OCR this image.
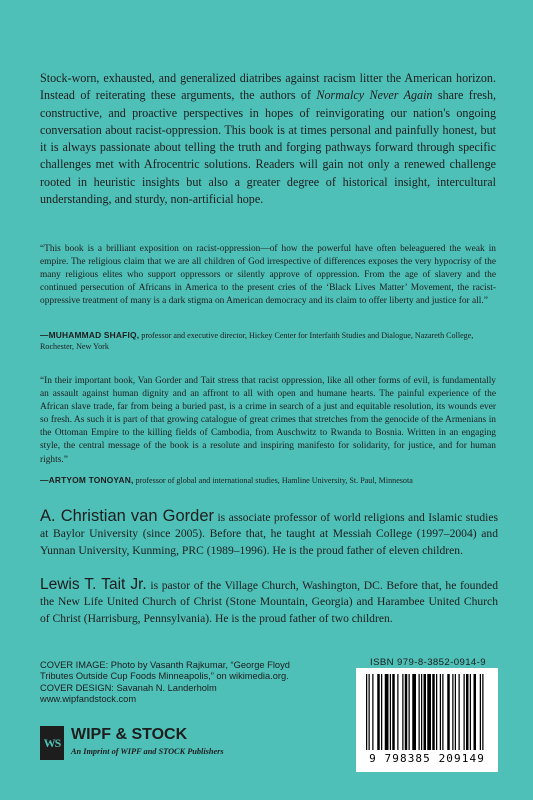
Stock-worn, exhausted, and generalized diatribes against racism litter the American horizon. Instead of reiterating these arguments, the authors of Normalcy Never Again share fresh, constructive, and proactive perspectives in hopes of reinvigorating our nation's ongoing conversation about racist-oppression. This book is at times personal and painfully honest, but it is always passionate about telling the truth and forging pathways forward through specific challenges met with Afrocentric solutions. Readers will gain not only a renewed challenge rooted in heuristic insights but also a greater degree of historical insight, intercultural understanding, and sturdy, non-artificial hope.

“This book is a brilliant exposition on racist-oppression—of how the powerful have often beleaguered the weak in empire. The religious claim that we are all children of God irrespective of differences exposes the very hypocrisy of the many religious elites who support oppressors or silently approve of oppression. From the age of slavery and the continued persecution of Africans in America to the present cries of the ‘Black Lives Matter’ Movement, the racist-oppressive treatment of many is a dark stigma on American democracy and its claim to offer liberty and justice for all.”

—MUHAMMAD SHAFIQ, professor and executive director, Hickey Center for Interfaith Studies and Dialogue, Nazareth College, Rochester, New York

“In their important book, Van Gorder and Tait stress that racist oppression, like all other forms of evil, is fundamentally an assault against human dignity and an affront to all with open and humane hearts. The painful experience of the African slave trade, far from being a buried past, is a crime in search of a just and equitable resolution, its wounds ever so fresh. As such it is part of that growing catalogue of great crimes that stretches from the genocide of the Armenians in the Ottoman Empire to the killing fields of Cambodia, from Auschwitz to Rwanda to Bosnia. Written in an engaging style, the central message of the book is a resolute and inspiring manifesto for solidarity, for justice, and for human rights.”

—ARTYOM TONOYAN, professor of global and international studies, Hamline University, St. Paul, Minnesota

A. Christian van Gorder is associate professor of world religions and Islamic studies at Baylor University (since 2005). Before that, he taught at Messiah College (1997–2004) and Yunnan University, Kunming, PRC (1989–1996). He is the proud father of eleven children.

Lewis T. Tait Jr. is pastor of the Village Church, Washington, DC. Before that, he founded the New Life United Church of Christ (Stone Mountain, Georgia) and Harambee United Church of Christ (Harrisburg, Pennsylvania). He is the proud father of two children.

COVER IMAGE: Photo by Vasanth Rajkumar, “George Floyd
Tributes Outside Cup Foods Minneapolis,” on wikimedia.org.
COVER DESIGN: Savanah N. Landerholm
www.wipfandstock.com
WS WIPF & STOCK
An Imprint of WIPF and STOCK Publishers
ISBN 979-8-3852-0914-9
9 798385 209149
